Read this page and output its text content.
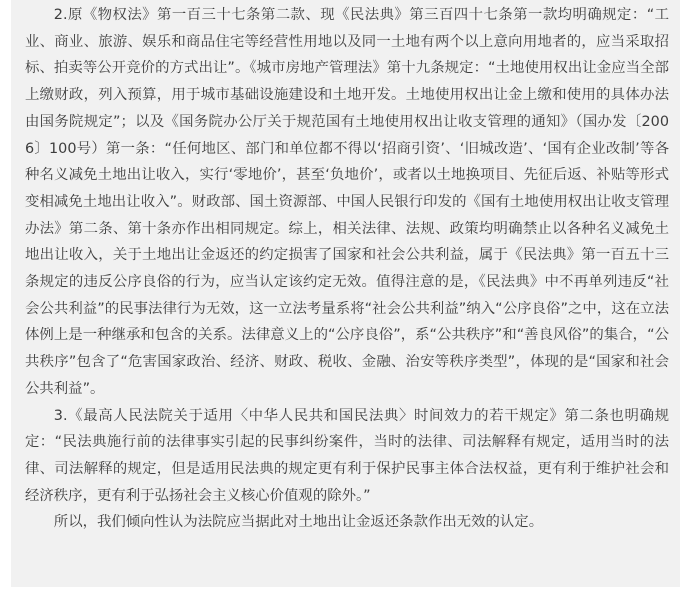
2.原《物权法》第一百三十七条第二款、现《民法典》第三百四十七条第一款均明确规定：“工业、商业、旅游、娱乐和商品住宅等经营性用地以及同一土地有两个以上意向用地者的，应当采取招标、拍卖等公开竞价的方式出让”。《城市房地产管理法》第十九条规定：“土地使用权出让金应当全部上缴财政，列入预算，用于城市基础设施建设和土地开发。土地使用权出让金上缴和使用的具体办法由国务院规定”；以及《国务院办公厅关于规范国有土地使用权出让收支管理的通知》（国办发〔2006〕100号）第一条：“任何地区、部门和单位都不得以‘招商引资’、‘旧城改造’、‘国有企业改制’等各种名义减免土地出让收入，实行‘零地价’，甚至‘负地价’，或者以土地换项目、先征后返、补贴等形式变相减免土地出让收入”。财政部、国土资源部、中国人民银行印发的《国有土地使用权出让收支管理办法》第二条、第十条亦作出相同规定。综上，相关法律、法规、政策均明确禁止以各种名义减免土地出让收入，关于土地出让金返还的约定损害了国家和社会公共利益，属于《民法典》第一百五十三条规定的违反公序良俗的行为，应当认定该约定无效。值得注意的是，《民法典》中不再单列违反“社会公共利益”的民事法律行为无效，这一立法考量系将“社会公共利益”纳入“公序良俗”之中，这在立法体例上是一种继承和包含的关系。法律意义上的“公序良俗”，系“公共秩序”和“善良风俗”的集合，“公共秩序”包含了“危害国家政治、经济、财政、税收、金融、治安等秩序类型”，体现的是“国家和社会公共利益”。

3.《最高人民法院关于适用〈中华人民共和国民法典〉时间效力的若干规定》第二条也明确规定：“民法典施行前的法律事实引起的民事纠纷案件，当时的法律、司法解释有规定，适用当时的法律、司法解释的规定，但是适用民法典的规定更有利于保护民事主体合法权益，更有利于维护社会和经济秩序，更有利于弘扬社会主义核心价值观的除外。”

所以，我们倾向性认为法院应当据此对土地出让金返还条款作出无效的认定。
